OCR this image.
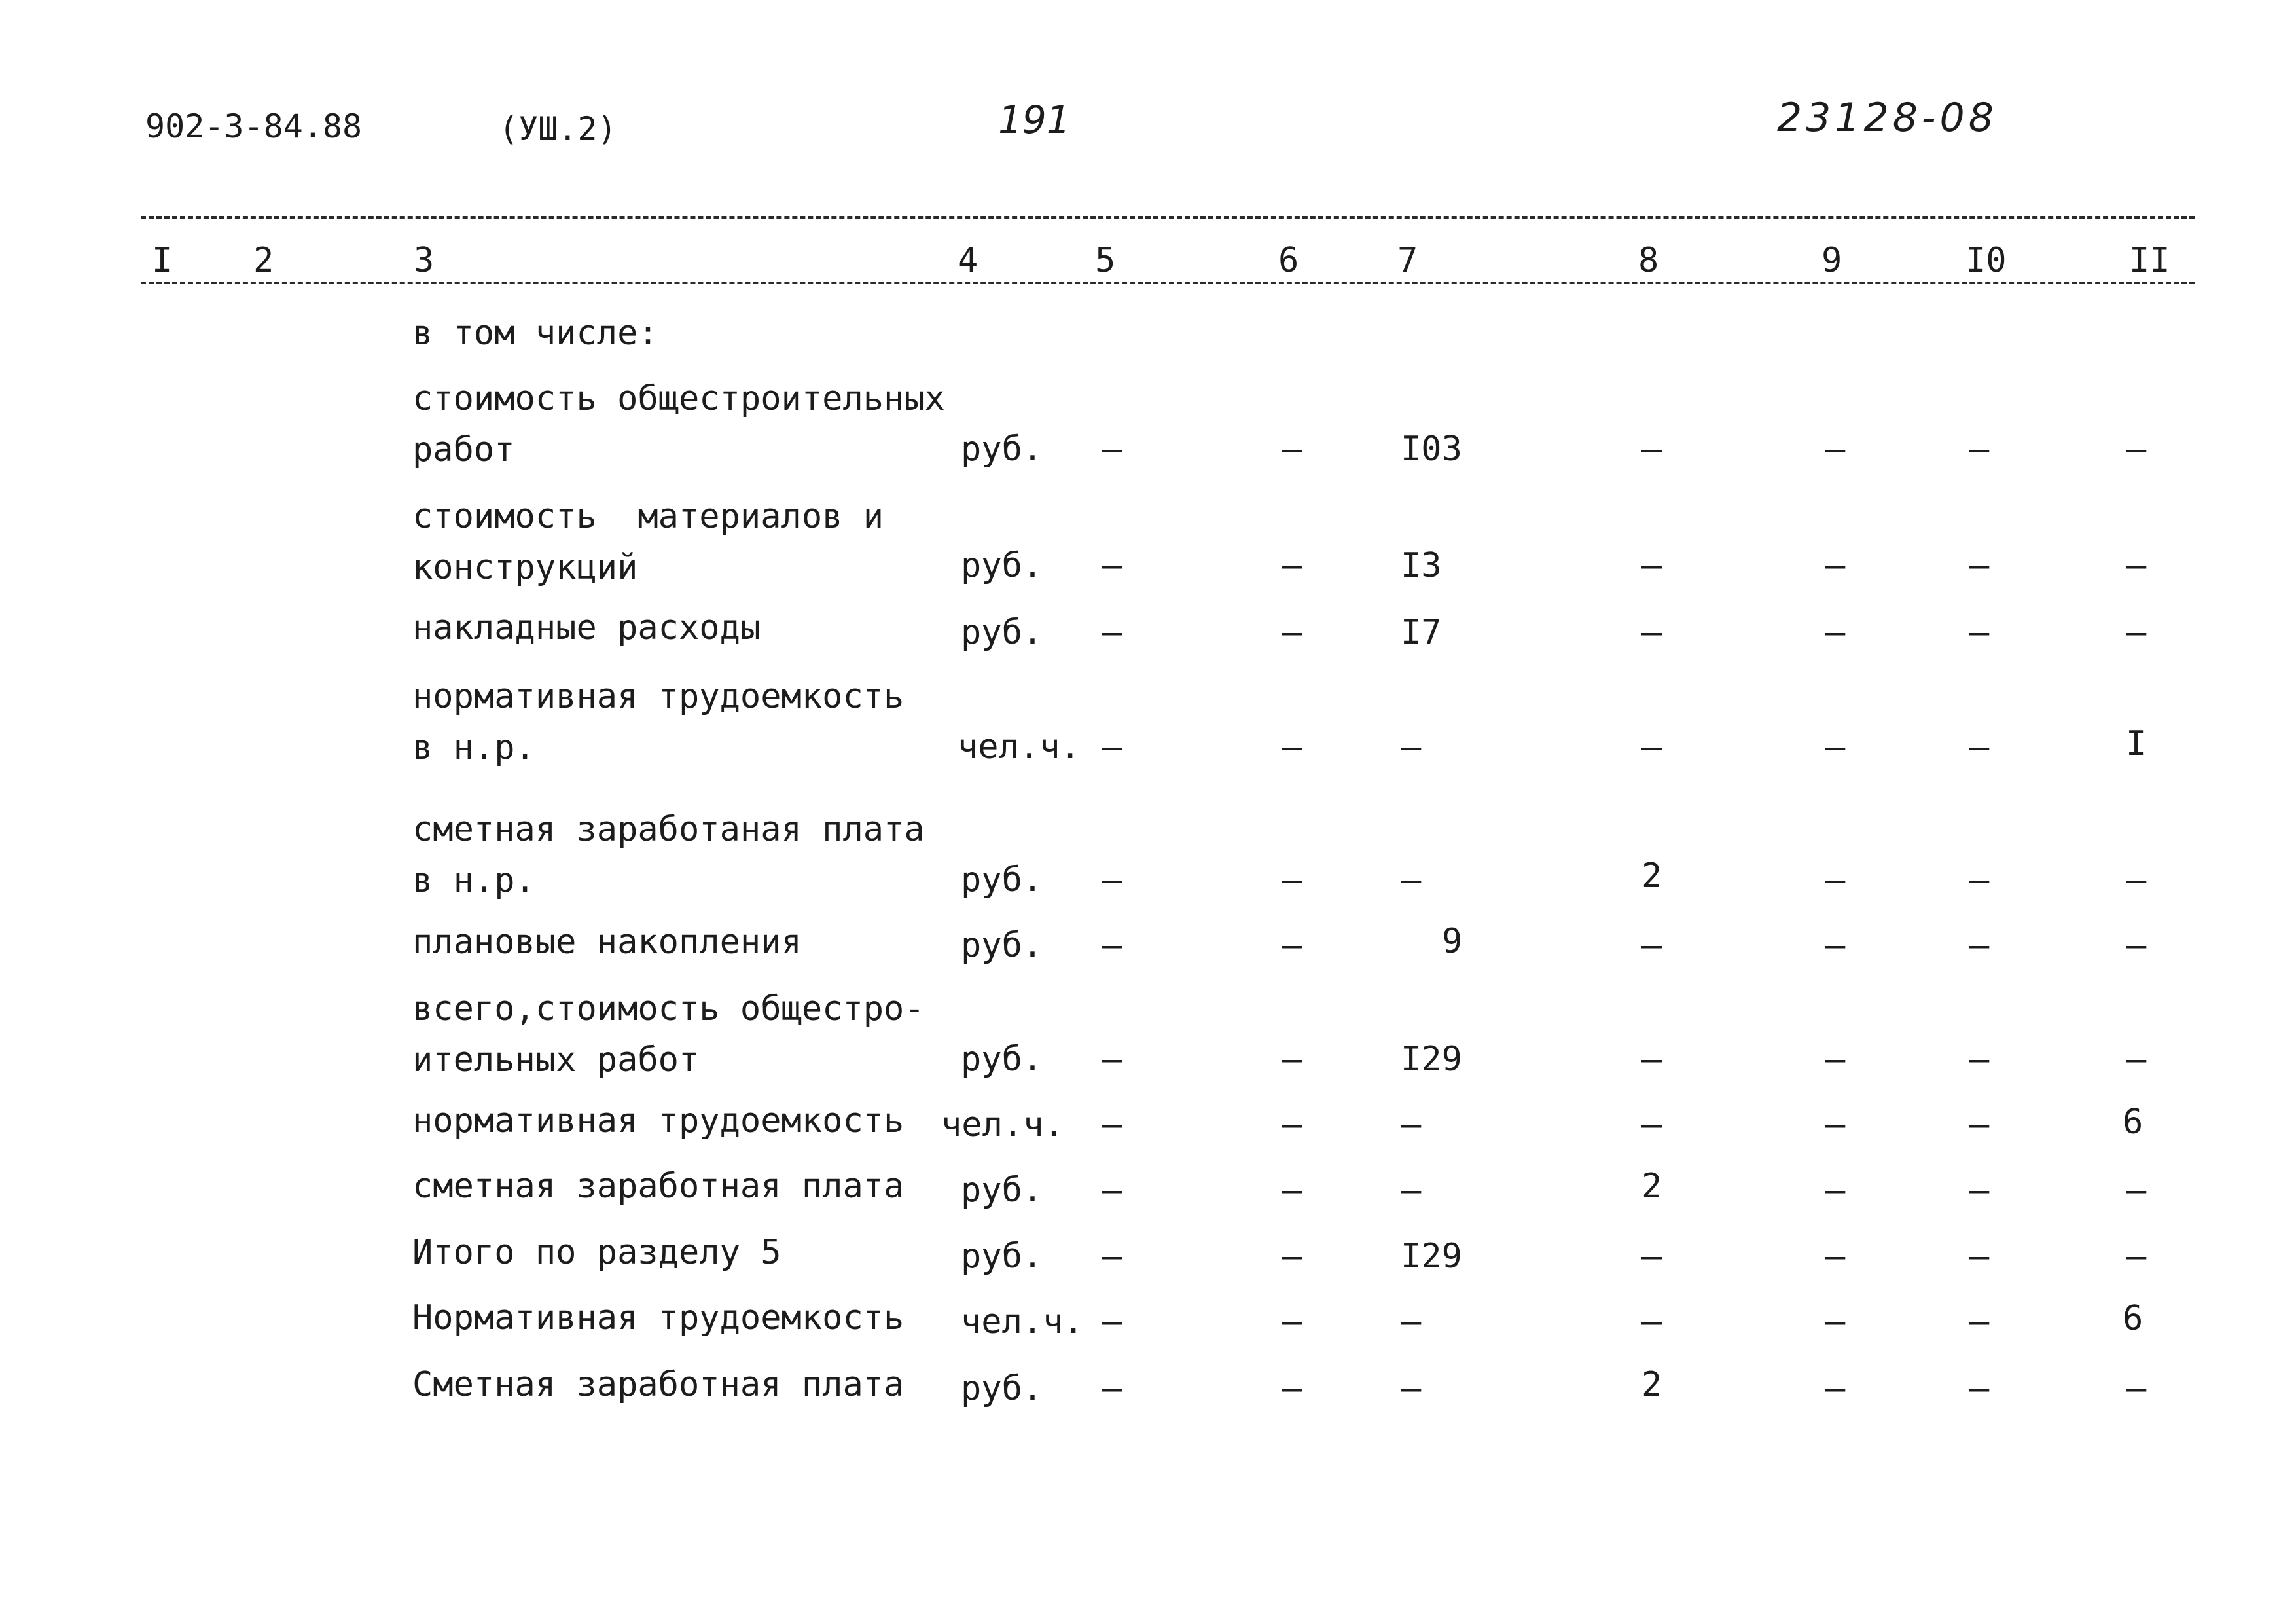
902-3-84.88	(УШ.2)	191	23128-08
I 2	3	4	5	6	7	8	9	I0	II
в том числе:
стоимость общестроительных
работ	руб. –	–	I03	–	–	–	–
стоимость  материалов и
конструкций	руб. –	–	I3	–	–	–	–
накладные расходы	руб. –	–	I7	–	–	–	–
нормативная трудоемкость
в н.р.	чел.ч. –	–	–	–	–	–	I
сметная заработаная плата
в н.р.	руб. –	–	–	2	–	–	–
плановые накопления	руб. –	–	9	–	–	–	–
всего,стоимость общестро-
ительных работ	руб. –	–	I29	–	–	–	–
нормативная трудоемкость чел.ч. –	–	–	–	–	–	6
сметная заработная плата руб. –	–	–	2	–	–	–
Итого по разделу 5	руб. –	–	I29	–	–	–	–
Нормативная трудоемкость чел.ч. –	–	–	–	–	–	6
Сметная заработная плата руб. –	–	–	2	–	–	–
